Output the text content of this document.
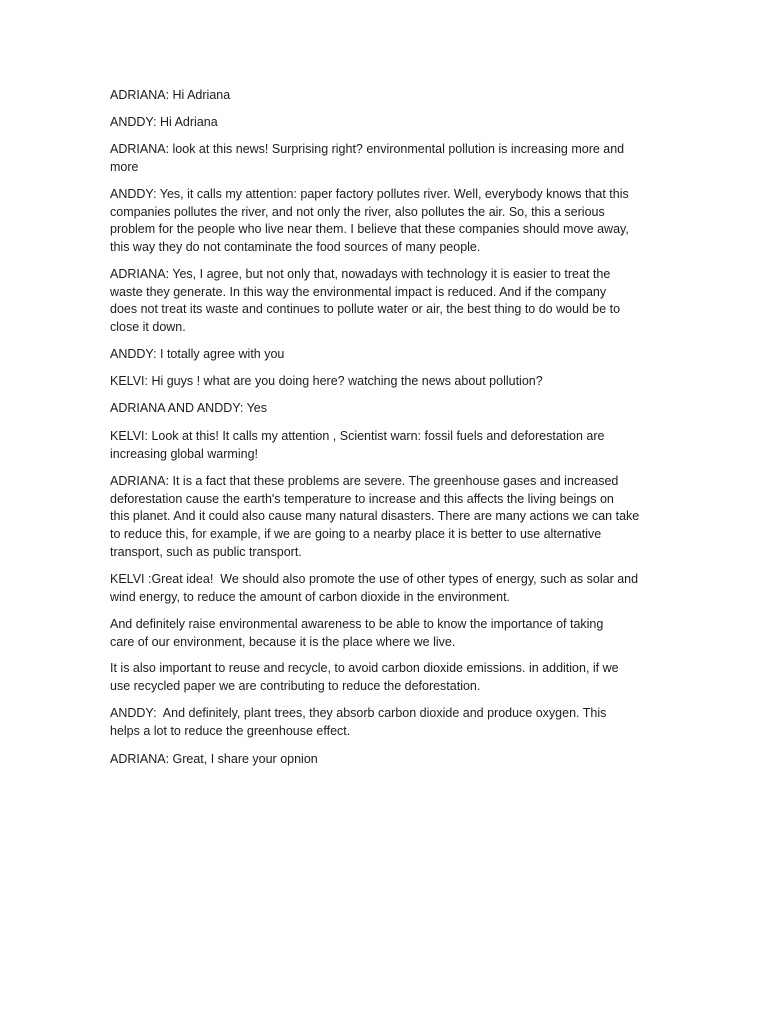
ADRIANA: Hi Adriana

ANDDY: Hi Adriana

ADRIANA: look at this news! Surprising right? environmental pollution is increasing more and
more

ANDDY: Yes, it calls my attention: paper factory pollutes river. Well, everybody knows that this
companies pollutes the river, and not only the river, also pollutes the air. So, this a serious
problem for the people who live near them. I believe that these companies should move away,
this way they do not contaminate the food sources of many people.

ADRIANA: Yes, I agree, but not only that, nowadays with technology it is easier to treat the
waste they generate. In this way the environmental impact is reduced. And if the company
does not treat its waste and continues to pollute water or air, the best thing to do would be to
close it down.

ANDDY: I totally agree with you

KELVI: Hi guys ! what are you doing here? watching the news about pollution?

ADRIANA AND ANDDY: Yes

KELVI: Look at this! It calls my attention , Scientist warn: fossil fuels and deforestation are
increasing global warming!

ADRIANA: It is a fact that these problems are severe. The greenhouse gases and increased
deforestation cause the earth's temperature to increase and this affects the living beings on
this planet. And it could also cause many natural disasters. There are many actions we can take
to reduce this, for example, if we are going to a nearby place it is better to use alternative
transport, such as public transport.

KELVI :Great idea!  We should also promote the use of other types of energy, such as solar and
wind energy, to reduce the amount of carbon dioxide in the environment.

And definitely raise environmental awareness to be able to know the importance of taking
care of our environment, because it is the place where we live.

It is also important to reuse and recycle, to avoid carbon dioxide emissions. in addition, if we
use recycled paper we are contributing to reduce the deforestation.

ANDDY:  And definitely, plant trees, they absorb carbon dioxide and produce oxygen. This
helps a lot to reduce the greenhouse effect.

ADRIANA: Great, I share your opnion
